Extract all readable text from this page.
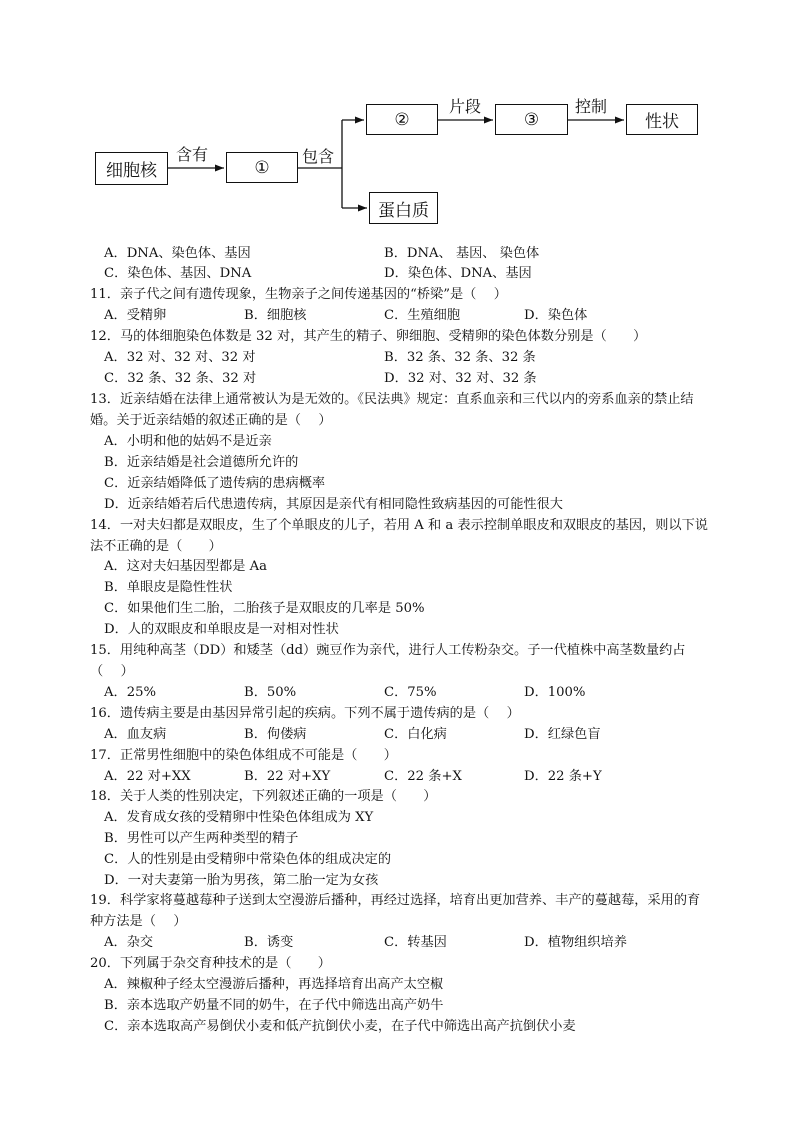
细胞核	①
②	③	性状
蛋白质
含有	包含
片段	控制
A．DNA、染色体、基因	B．DNA、 基因、 染色体
C．染色体、基因、DNA	D．染色体、DNA、基因
11．亲子代之间有遗传现象，生物亲子之间传递基因的“桥梁”是（　 ）
A．受精卵	B．细胞核	C．生殖细胞	D．染色体
12．马的体细胞染色体数是 32 对，其产生的精子、卵细胞、受精卵的染色体数分别是（　　）
A．32 对、32 对、32 对	B．32 条、32 条、32 条
C．32 条、32 条、32 对	D．32 对、32 对、32 条
13．近亲结婚在法律上通常被认为是无效的。《民法典》规定：直系血亲和三代以内的旁系血亲的禁止结
婚。关于近亲结婚的叙述正确的是（　 ）
A．小明和他的姑妈不是近亲
B．近亲结婚是社会道德所允许的
C．近亲结婚降低了遗传病的患病概率
D．近亲结婚若后代患遗传病，其原因是亲代有相同隐性致病基因的可能性很大
14．一对夫妇都是双眼皮，生了个单眼皮的儿子，若用 A 和 a 表示控制单眼皮和双眼皮的基因，则以下说
法不正确的是（　　）
A．这对夫妇基因型都是 Aa
B．单眼皮是隐性性状
C．如果他们生二胎，二胎孩子是双眼皮的几率是 50%
D．人的双眼皮和单眼皮是一对相对性状
15．用纯种高茎（DD）和矮茎（dd）豌豆作为亲代，进行人工传粉杂交。子一代植株中高茎数量约占
（　 ）
A．25%	B．50%	C．75%	D．100%
16．遗传病主要是由基因异常引起的疾病。下列不属于遗传病的是（　 ）
A．血友病	B．佝偻病	C．白化病	D．红绿色盲
17．正常男性细胞中的染色体组成不可能是（　　）
A．22 对+XX	B．22 对+XY	C．22 条+X	D．22 条+Y
18．关于人类的性别决定，下列叙述正确的一项是（　　）
A．发育成女孩的受精卵中性染色体组成为 XY
B．男性可以产生两种类型的精子
C．人的性别是由受精卵中常染色体的组成决定的
D．一对夫妻第一胎为男孩，第二胎一定为女孩
19．科学家将蔓越莓种子送到太空漫游后播种，再经过选择，培育出更加营养、丰产的蔓越莓，采用的育
种方法是（　 ）
A．杂交	B．诱变	C．转基因	D．植物组织培养
20．下列属于杂交育种技术的是（　　）
A．辣椒种子经太空漫游后播种，再选择培育出高产太空椒
B．亲本选取产奶量不同的奶牛，在子代中筛选出高产奶牛
C．亲本选取高产易倒伏小麦和低产抗倒伏小麦，在子代中筛选出高产抗倒伏小麦
